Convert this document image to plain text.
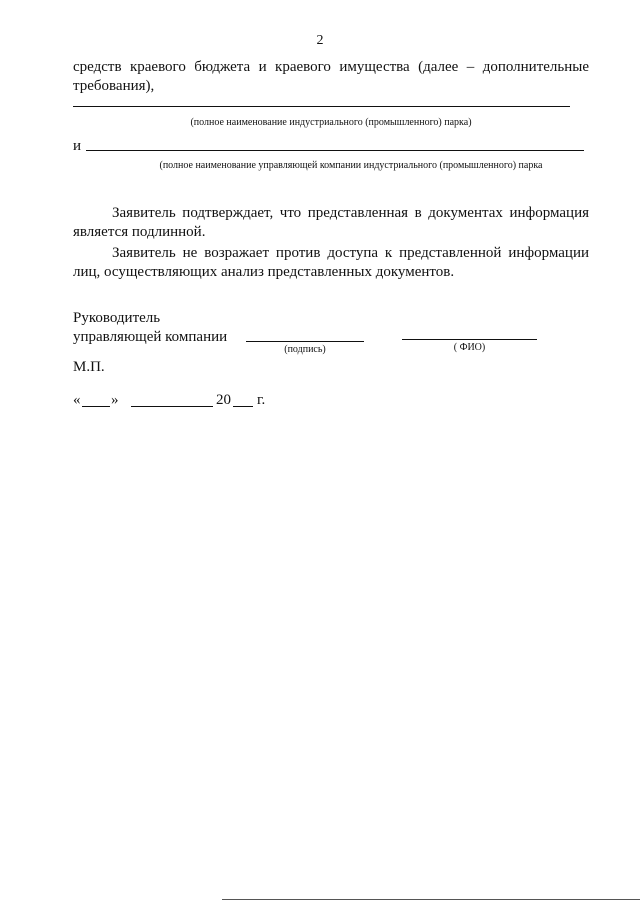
2
средств краевого бюджета и краевого имущества (далее – дополнительные
требования),
(полное наименование индустриального (промышленного) парка)
и
(полное наименование управляющей компании индустриального (промышленного) парка
Заявитель подтверждает, что представленная в документах информация
является подлинной.
Заявитель не возражает против доступа к представленной информации
лиц, осуществляющих анализ представленных документов.
Руководитель
управляющей компании
(подпись)	( ФИО)
М.П.
« »	20 г.
